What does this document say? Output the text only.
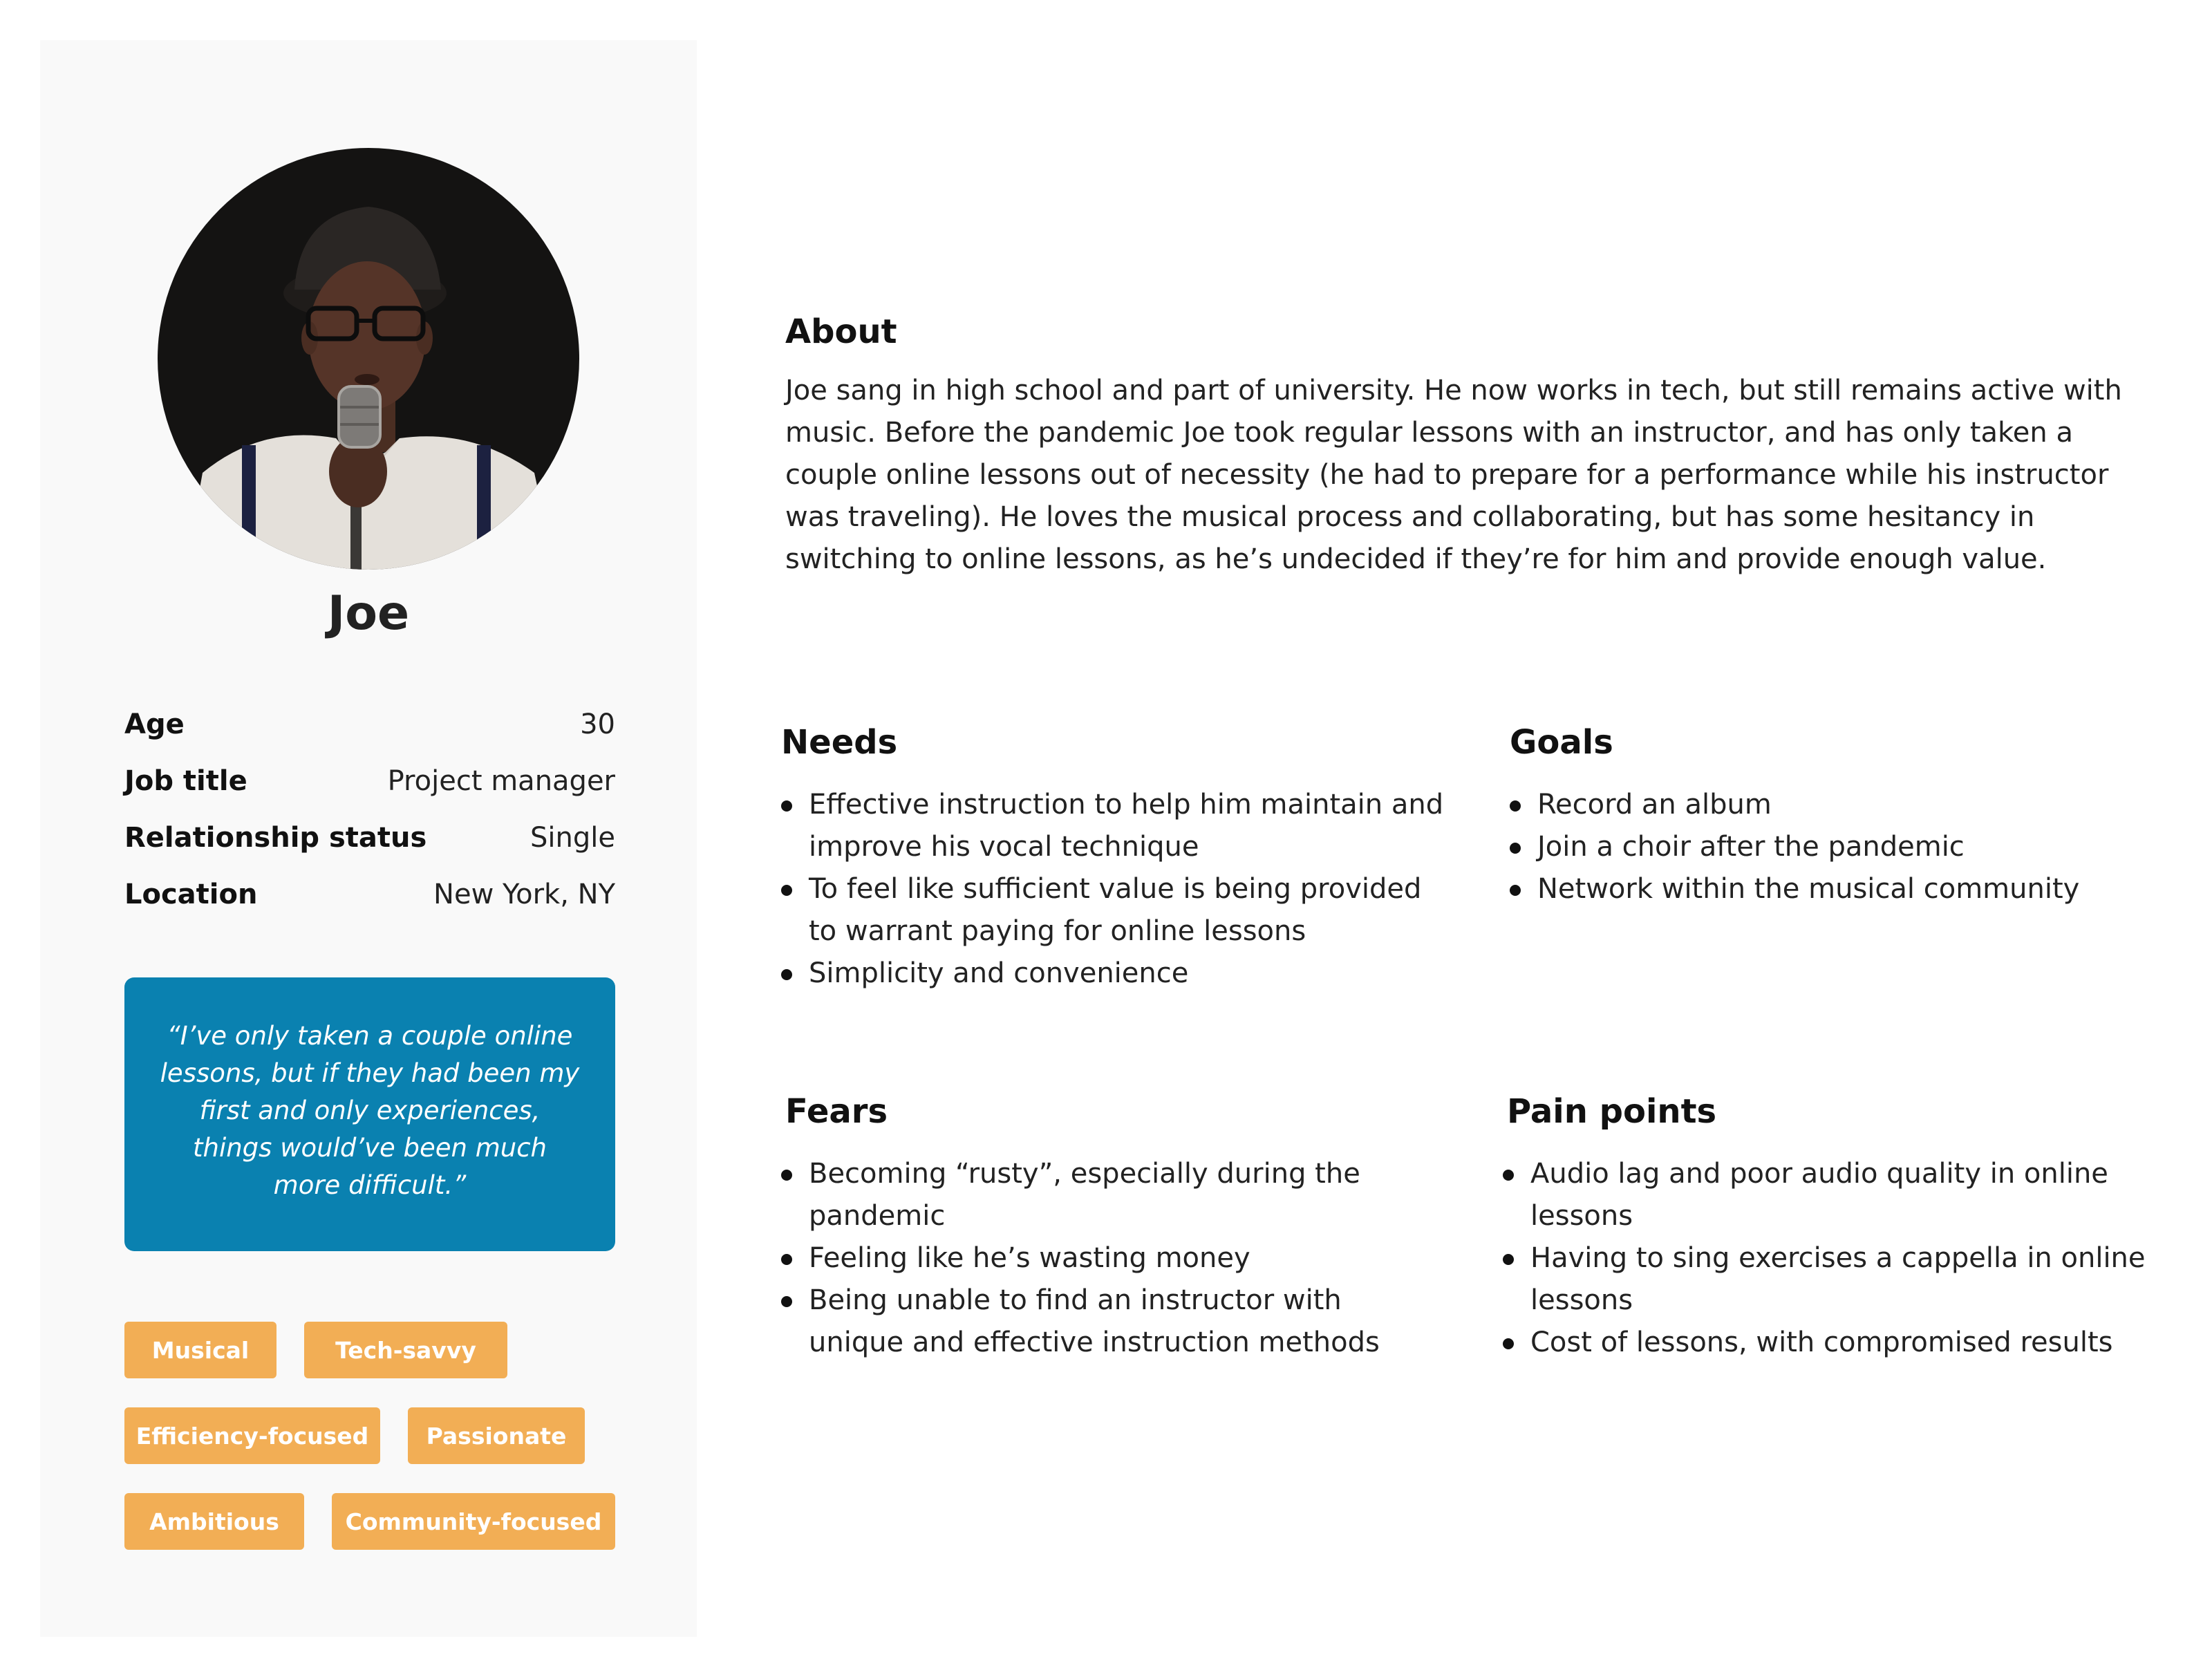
Joe
Age	30
Job title	Project manager
Relationship status	Single
Location	New York, NY
“I’ve only taken a couple online lessons, but if they had been my first and only experiences, things would’ve been much more difficult.”
Musical	Tech-savvy
Efficiency-focused	Passionate
Ambitious	Community-focused
About
Joe sang in high school and part of university. He now works in tech, but still remains active with music. Before the pandemic Joe took regular lessons with an instructor, and has only taken a couple online lessons out of necessity (he had to prepare for a performance while his instructor was traveling). He loves the musical process and collaborating, but has some hesitancy in switching to online lessons, as he’s undecided if they’re for him and provide enough value.
Needs
Effective instruction to help him maintain and improve his vocal technique
To feel like sufficient value is being provided to warrant paying for online lessons
Simplicity and convenience
Goals
Record an album
Join a choir after the pandemic
Network within the musical community
Fears
Becoming “rusty”, especially during the pandemic
Feeling like he’s wasting money
Being unable to find an instructor with unique and effective instruction methods
Pain points
Audio lag and poor audio quality in online lessons
Having to sing exercises a cappella in online lessons
Cost of lessons, with compromised results
